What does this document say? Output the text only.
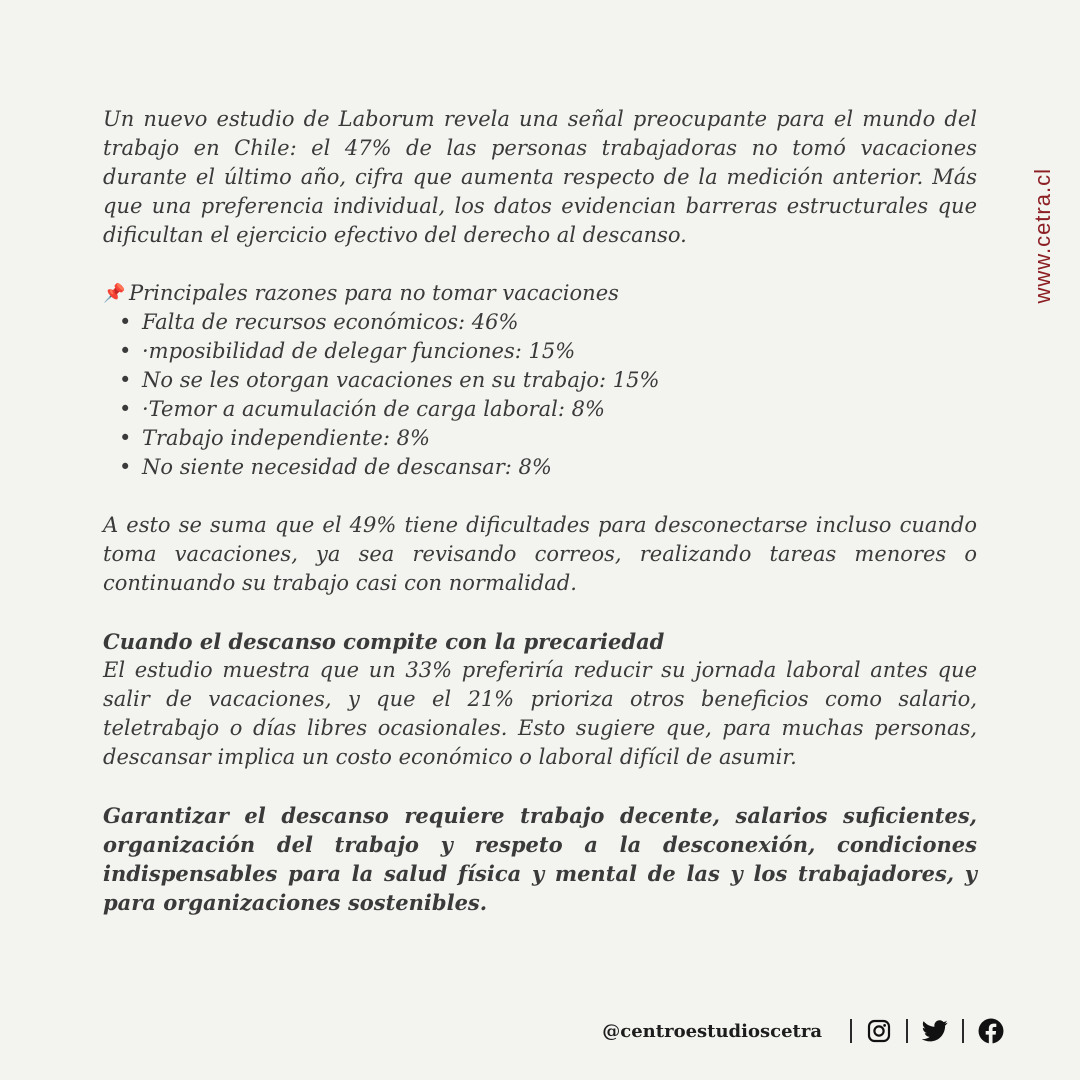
Un nuevo estudio de Laborum revela una señal preocupante para el mundo del trabajo en Chile: el 47% de las personas trabajadoras no tomó vacaciones durante el último año, cifra que aumenta respecto de la medición anterior. Más que una preferencia individual, los datos evidencian barreras estructurales que dificultan el ejercicio efectivo del derecho al descanso.

📌 Principales razones para no tomar vacaciones

• Falta de recursos económicos: 46%
• ·mposibilidad de delegar funciones: 15%
• No se les otorgan vacaciones en su trabajo: 15%
• ·Temor a acumulación de carga laboral: 8%
• Trabajo independiente: 8%
• No siente necesidad de descansar: 8%

A esto se suma que el 49% tiene dificultades para desconectarse incluso cuando toma vacaciones, ya sea revisando correos, realizando tareas menores o continuando su trabajo casi con normalidad.

Cuando el descanso compite con la precariedad

El estudio muestra que un 33% preferiría reducir su jornada laboral antes que salir de vacaciones, y que el 21% prioriza otros beneficios como salario, teletrabajo o días libres ocasionales. Esto sugiere que, para muchas personas, descansar implica un costo económico o laboral difícil de asumir.

Garantizar el descanso requiere trabajo decente, salarios suficientes, organización del trabajo y respeto a la desconexión, condiciones indispensables para la salud física y mental de las y los trabajadores, y para organizaciones sostenibles.

www.cetra.cl
@centroestudioscetra
